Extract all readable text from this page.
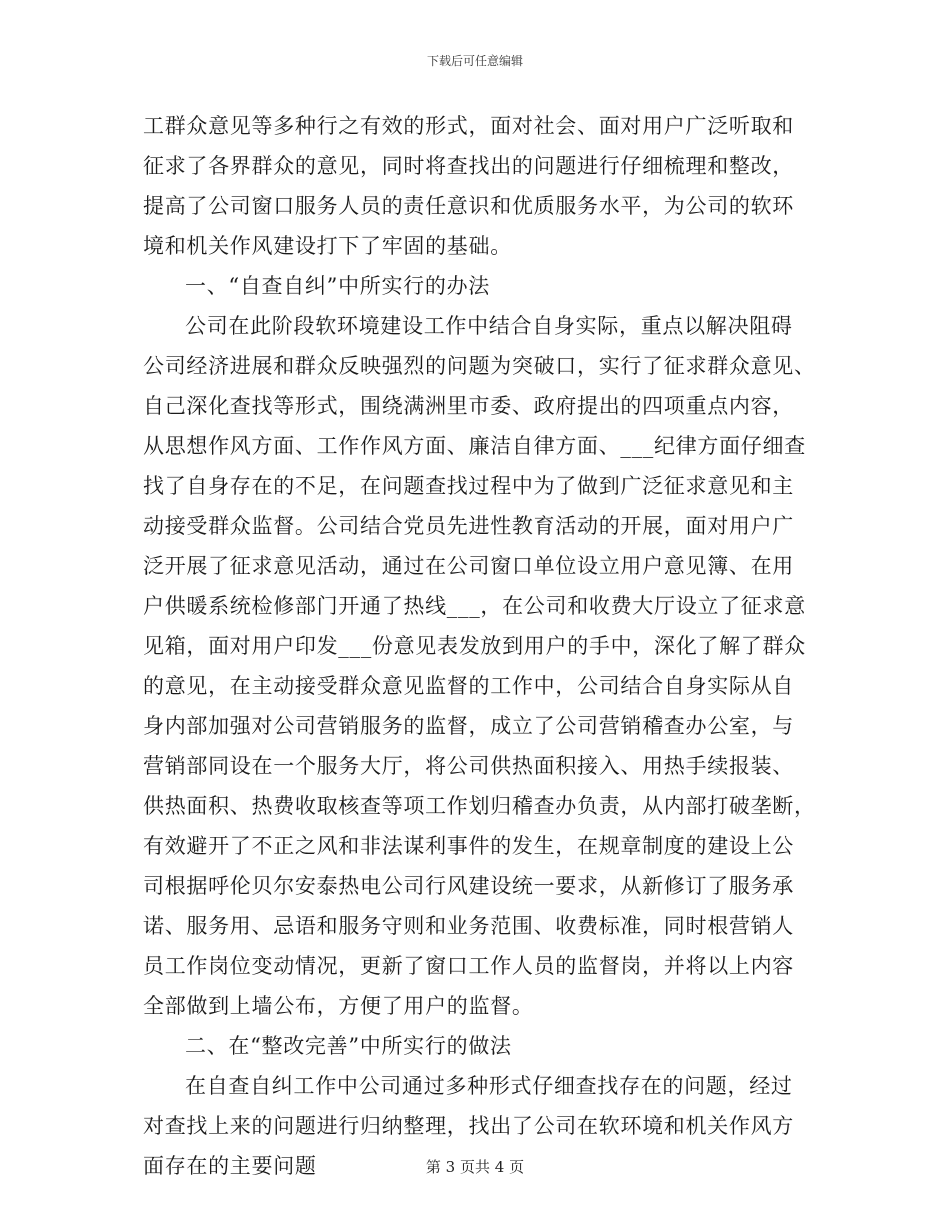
下载后可任意编辑
工群众意见等多种行之有效的形式，面对社会、面对用户广泛听取和
征求了各界群众的意见，同时将查找出的问题进行仔细梳理和整改，
提高了公司窗口服务人员的责任意识和优质服务水平，为公司的软环
境和机关作风建设打下了牢固的基础。
一、“自查自纠”中所实行的办法
公司在此阶段软环境建设工作中结合自身实际，重点以解决阻碍
公司经济进展和群众反映强烈的问题为突破口，实行了征求群众意见、
自己深化查找等形式，围绕满洲里市委、政府提出的四项重点内容，
从思想作风方面、工作作风方面、廉洁自律方面、___纪律方面仔细查
找了自身存在的不足，在问题查找过程中为了做到广泛征求意见和主
动接受群众监督。公司结合党员先进性教育活动的开展，面对用户广
泛开展了征求意见活动，通过在公司窗口单位设立用户意见簿、在用
户供暖系统检修部门开通了热线___，在公司和收费大厅设立了征求意
见箱，面对用户印发___份意见表发放到用户的手中，深化了解了群众
的意见，在主动接受群众意见监督的工作中，公司结合自身实际从自
身内部加强对公司营销服务的监督，成立了公司营销稽查办公室，与
营销部同设在一个服务大厅，将公司供热面积接入、用热手续报装、
供热面积、热费收取核查等项工作划归稽查办负责，从内部打破垄断，
有效避开了不正之风和非法谋利事件的发生，在规章制度的建设上公
司根据呼伦贝尔安泰热电公司行风建设统一要求，从新修订了服务承
诺、服务用、忌语和服务守则和业务范围、收费标准，同时根营销人
员工作岗位变动情况，更新了窗口工作人员的监督岗，并将以上内容
全部做到上墙公布，方便了用户的监督。
二、在“整改完善”中所实行的做法
在自查自纠工作中公司通过多种形式仔细查找存在的问题，经过
对查找上来的问题进行归纳整理，找出了公司在软环境和机关作风方
面存在的主要问题	第 3 页共 4 页
